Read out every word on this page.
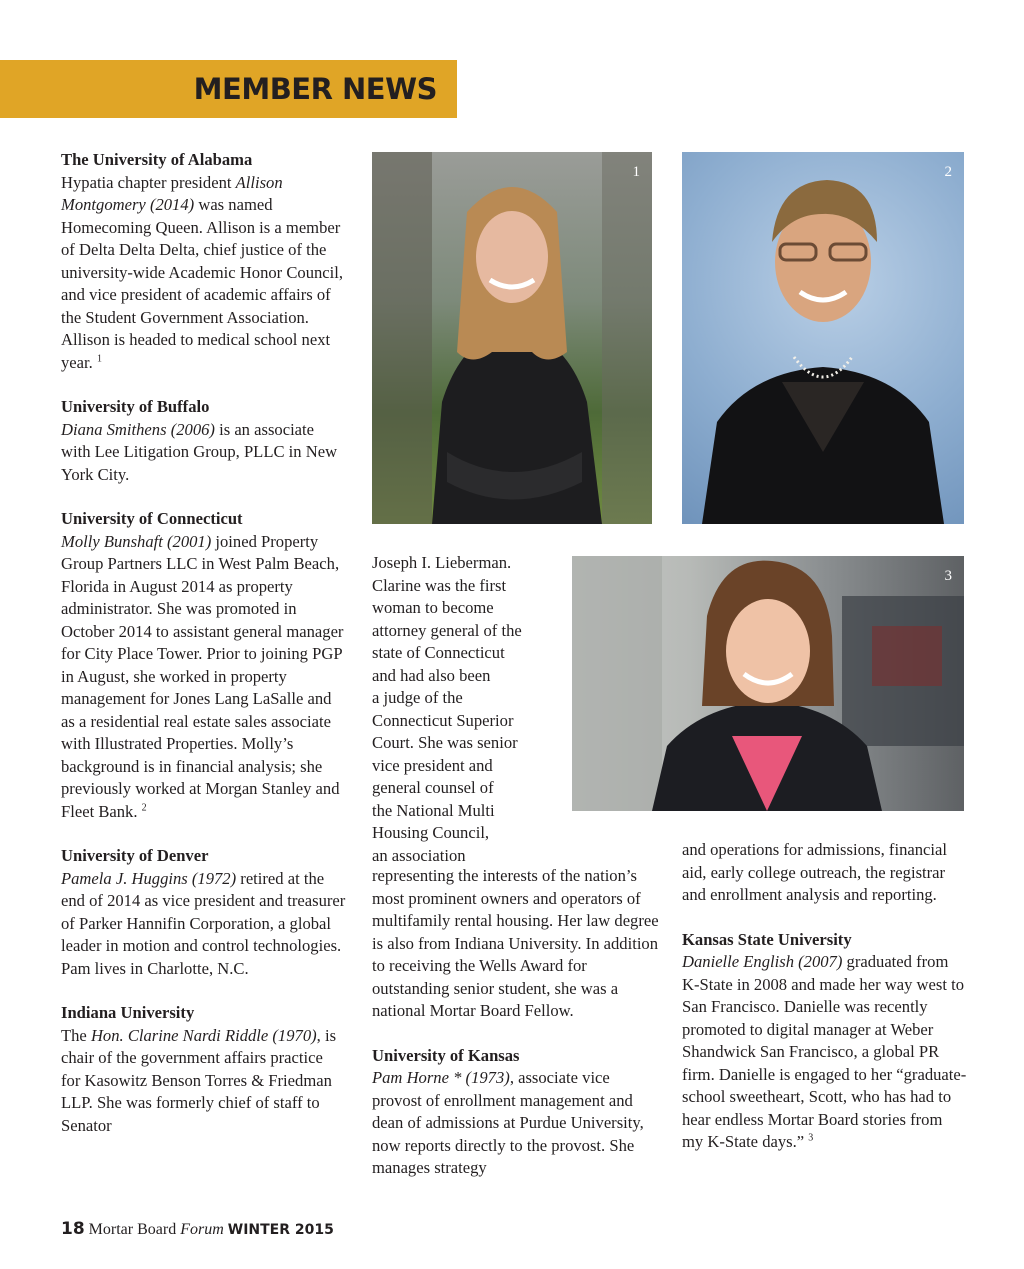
MEMBER NEWS

The University of Alabama
Hypatia chapter president Allison Montgomery (2014) was named Homecoming Queen. Allison is a member of Delta Delta Delta, chief justice of the university-wide Academic Honor Council, and vice president of academic affairs of the Student Government Association. Allison is headed to medical school next year. $^1$

University of Buffalo
Diana Smithens (2006) is an associate with Lee Litigation Group, PLLC in New York City.

University of Connecticut
Molly Bunshaft (2001) joined Property Group Partners LLC in West Palm Beach, Florida in August 2014 as property administrator. She was promoted in October 2014 to assistant general manager for City Place Tower. Prior to joining PGP in August, she worked in property management for Jones Lang LaSalle and as a residential real estate sales associate with Illustrated Properties. Molly’s background is in financial analysis; she previously worked at Morgan Stanley and Fleet Bank. $^2$

University of Denver
Pamela J. Huggins (1972) retired at the end of 2014 as vice president and treasurer of Parker Hannifin Corporation, a global leader in motion and control technologies. Pam lives in Charlotte, N.C.

Indiana University
The Hon. Clarine Nardi Riddle (1970), is chair of the government affairs practice for Kasowitz Benson Torres & Friedman LLP. She was formerly chief of staff to Senator

1	2

Joseph I. Lieberman.
Clarine was the first
woman to become
attorney general of the
state of Connecticut
and had also been
a judge of the
Connecticut Superior
Court. She was senior
vice president and
general counsel of
the National Multi
Housing Council,
an association

representing the interests of the nation’s most prominent owners and operators of multifamily rental housing. Her law degree is also from Indiana University. In addition to receiving the Wells Award for outstanding senior student, she was a national Mortar Board Fellow.

University of Kansas
Pam Horne * (1973), associate vice provost of enrollment management and dean of admissions at Purdue University, now reports directly to the provost. She manages strategy

3

and operations for admissions, financial aid, early college outreach, the registrar and enrollment analysis and reporting.

Kansas State University
Danielle English (2007) graduated from K-State in 2008 and made her way west to San Francisco. Danielle was recently promoted to digital manager at Weber Shandwick San Francisco, a global PR firm. Danielle is engaged to her “graduate-school sweetheart, Scott, who has had to hear endless Mortar Board stories from my K-State days.” $^3$

18 Mortar Board Forum WINTER 2015
